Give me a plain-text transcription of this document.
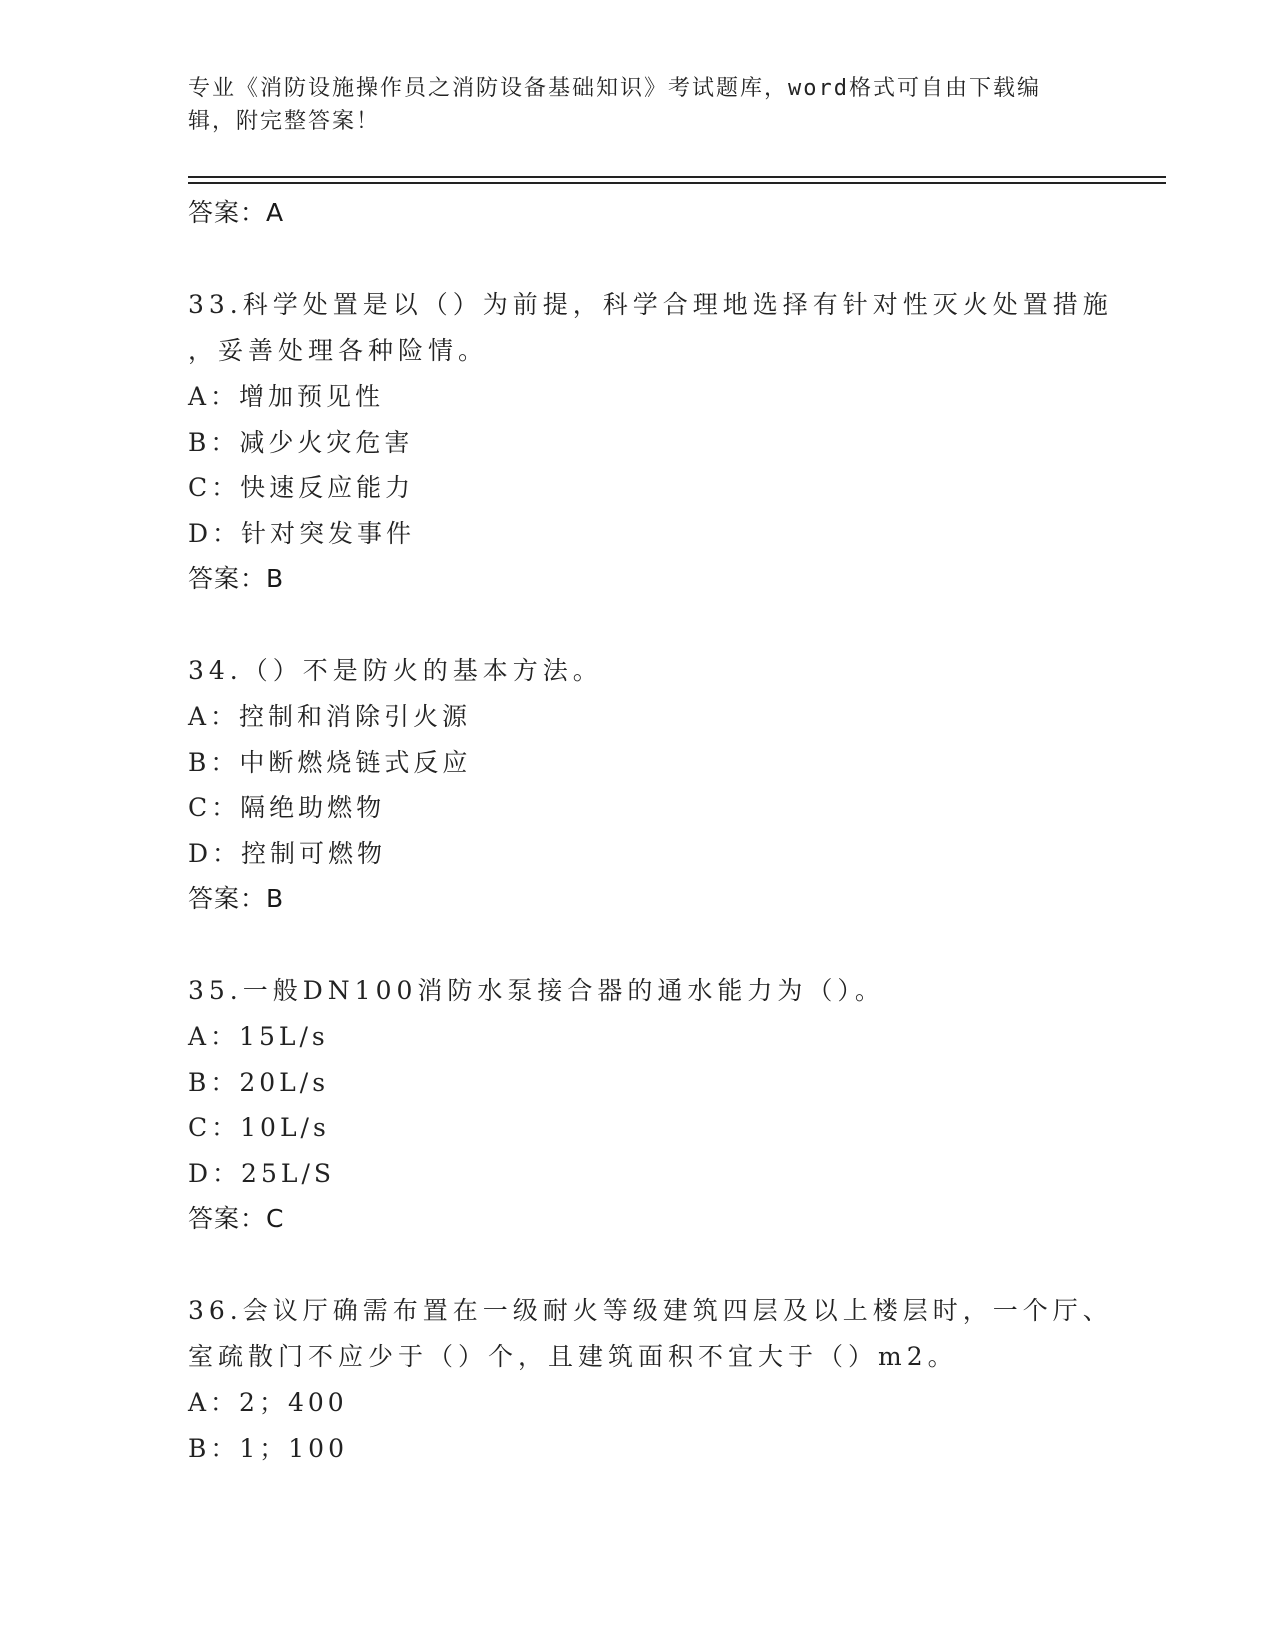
专业《消防设施操作员之消防设备基础知识》考试题库，word格式可自由下载编辑，附完整答案！

答案：A

33.科学处置是以（）为前提，科学合理地选择有针对性灭火处置措施

，妥善处理各种险情。

A：增加预见性

B：减少火灾危害

C：快速反应能力

D：针对突发事件

答案：B

34.（）不是防火的基本方法。

A：控制和消除引火源

B：中断燃烧链式反应

C：隔绝助燃物

D：控制可燃物

答案：B

35.一般DN100消防水泵接合器的通水能力为（）。

A：15L/s

B：20L/s

C：10L/s

D：25L/S

答案：C

36.会议厅确需布置在一级耐火等级建筑四层及以上楼层时，一个厅、

室疏散门不应少于（）个，且建筑面积不宜大于（）m2。

A：2；400

B：1；100
